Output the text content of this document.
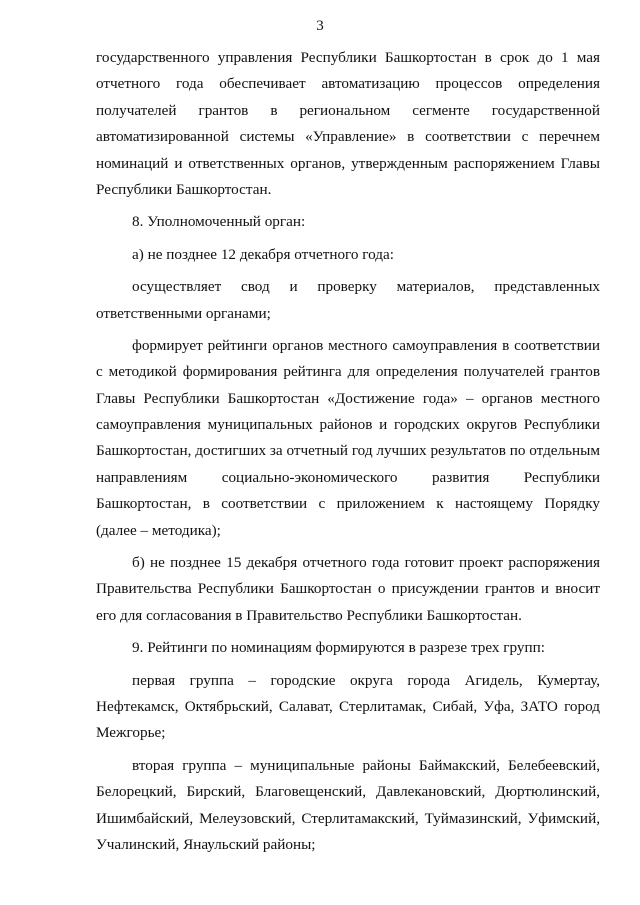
3
государственного управления Республики Башкортостан в срок до 1 мая
отчетного года обеспечивает автоматизацию процессов определения
получателей грантов в региональном сегменте государственной
автоматизированной системы «Управление» в соответствии с перечнем
номинаций и ответственных органов, утвержденным распоряжением Главы
Республики Башкортостан.
8. Уполномоченный орган:
а) не позднее 12 декабря отчетного года:
осуществляет свод и проверку материалов, представленных
ответственными органами;
формирует рейтинги органов местного самоуправления в соответствии
с методикой формирования рейтинга для определения получателей грантов
Главы Республики Башкортостан «Достижение года» – органов местного
самоуправления муниципальных районов и городских округов Республики
Башкортостан, достигших за отчетный год лучших результатов по отдельным
направлениям социально-экономического развития Республики
Башкортостан, в соответствии с приложением к настоящему Порядку
(далее – методика);
б) не позднее 15 декабря отчетного года готовит проект распоряжения
Правительства Республики Башкортостан о присуждении грантов и вносит
его для согласования в Правительство Республики Башкортостан.
9. Рейтинги по номинациям формируются в разрезе трех групп:
первая группа – городские округа города Агидель, Кумертау,
Нефтекамск, Октябрьский, Салават, Стерлитамак, Сибай, Уфа, ЗАТО город
Межгорье;
вторая группа – муниципальные районы Баймакский, Белебеевский,
Белорецкий, Бирский, Благовещенский, Давлекановский, Дюртюлинский,
Ишимбайский, Мелеузовский, Стерлитамакский, Туймазинский, Уфимский,
Учалинский, Янаульский районы;
